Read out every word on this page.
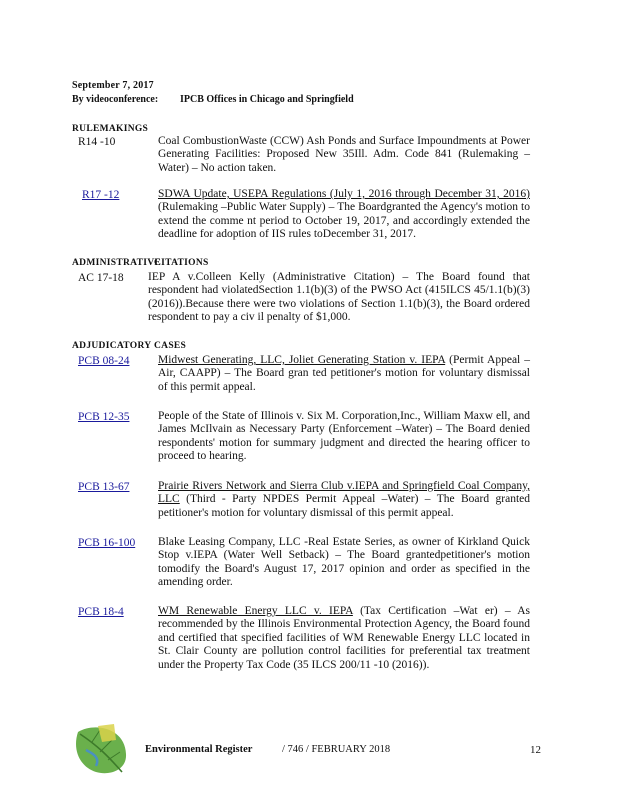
September 7, 2017
By videoconference: IPCB Offices in Chicago and Springfield
RULEMAKINGS
R14 -10	Coal CombustionWaste (CCW) Ash Ponds and Surface Impoundments at Power Generating Facilities: Proposed New 35Ill. Adm. Code 841 (Rulemaking –Water) – No action taken.
R17 -12	SDWA Update, USEPA Regulations (July 1, 2016 through December 31, 2016) (Rulemaking –Public Water Supply) – The Boardgranted the Agency's motion to extend the comme nt period to October 19, 2017, and accordingly extended the deadline for adoption of IIS rules toDecember 31, 2017.
ADMINISTRATIVE
CITATIONS
AC 17-18 IEP A v.Colleen Kelly (Administrative Citation) – The Board found that respondent had violatedSection 1.1(b)(3) of the PWSO Act (415ILCS 45/1.1(b)(3) (2016)).Because there were two violations of Section 1.1(b)(3), the Board ordered respondent to pay a civ il penalty of $1,000.
ADJUDICATORY CASES
PCB 08-24 Midwest Generating, LLC, Joliet Generating Station v. IEPA (Permit Appeal – Air, CAAPP) – The Board gran ted petitioner's motion for voluntary dismissal of this permit appeal.
PCB 12-35 People of the State of Illinois v. Six M. Corporation,Inc., William Maxw ell, and James McIlvain as Necessary Party (Enforcement –Water) – The Board denied respondents' motion for summary judgment and directed the hearing officer to proceed to hearing.
PCB 13-67 Prairie Rivers Network and Sierra Club v.IEPA and Springfield Coal Company, LLC (Third - Party NPDES Permit Appeal –Water) – The Board granted petitioner's motion for voluntary dismissal of this permit appeal.
PCB 16-100 Blake Leasing Company, LLC -Real Estate Series, as owner of Kirkland Quick Stop v.IEPA (Water Well Setback) – The Board grantedpetitioner's motion tomodify the Board's August 17, 2017 opinion and order as specified in the amending order.
PCB 18-4	WM Renewable Energy LLC v. IEPA (Tax Certification –Wat er) – As recommended by the Illinois Environmental Protection Agency, the Board found and certified that specified facilities of WM Renewable Energy LLC located in St. Clair County are pollution control facilities for preferential tax treatment under the Property Tax Code (35 ILCS 200/11 -10 (2016)).
Environmental Register	/ 746 / FEBRUARY 2018	12
